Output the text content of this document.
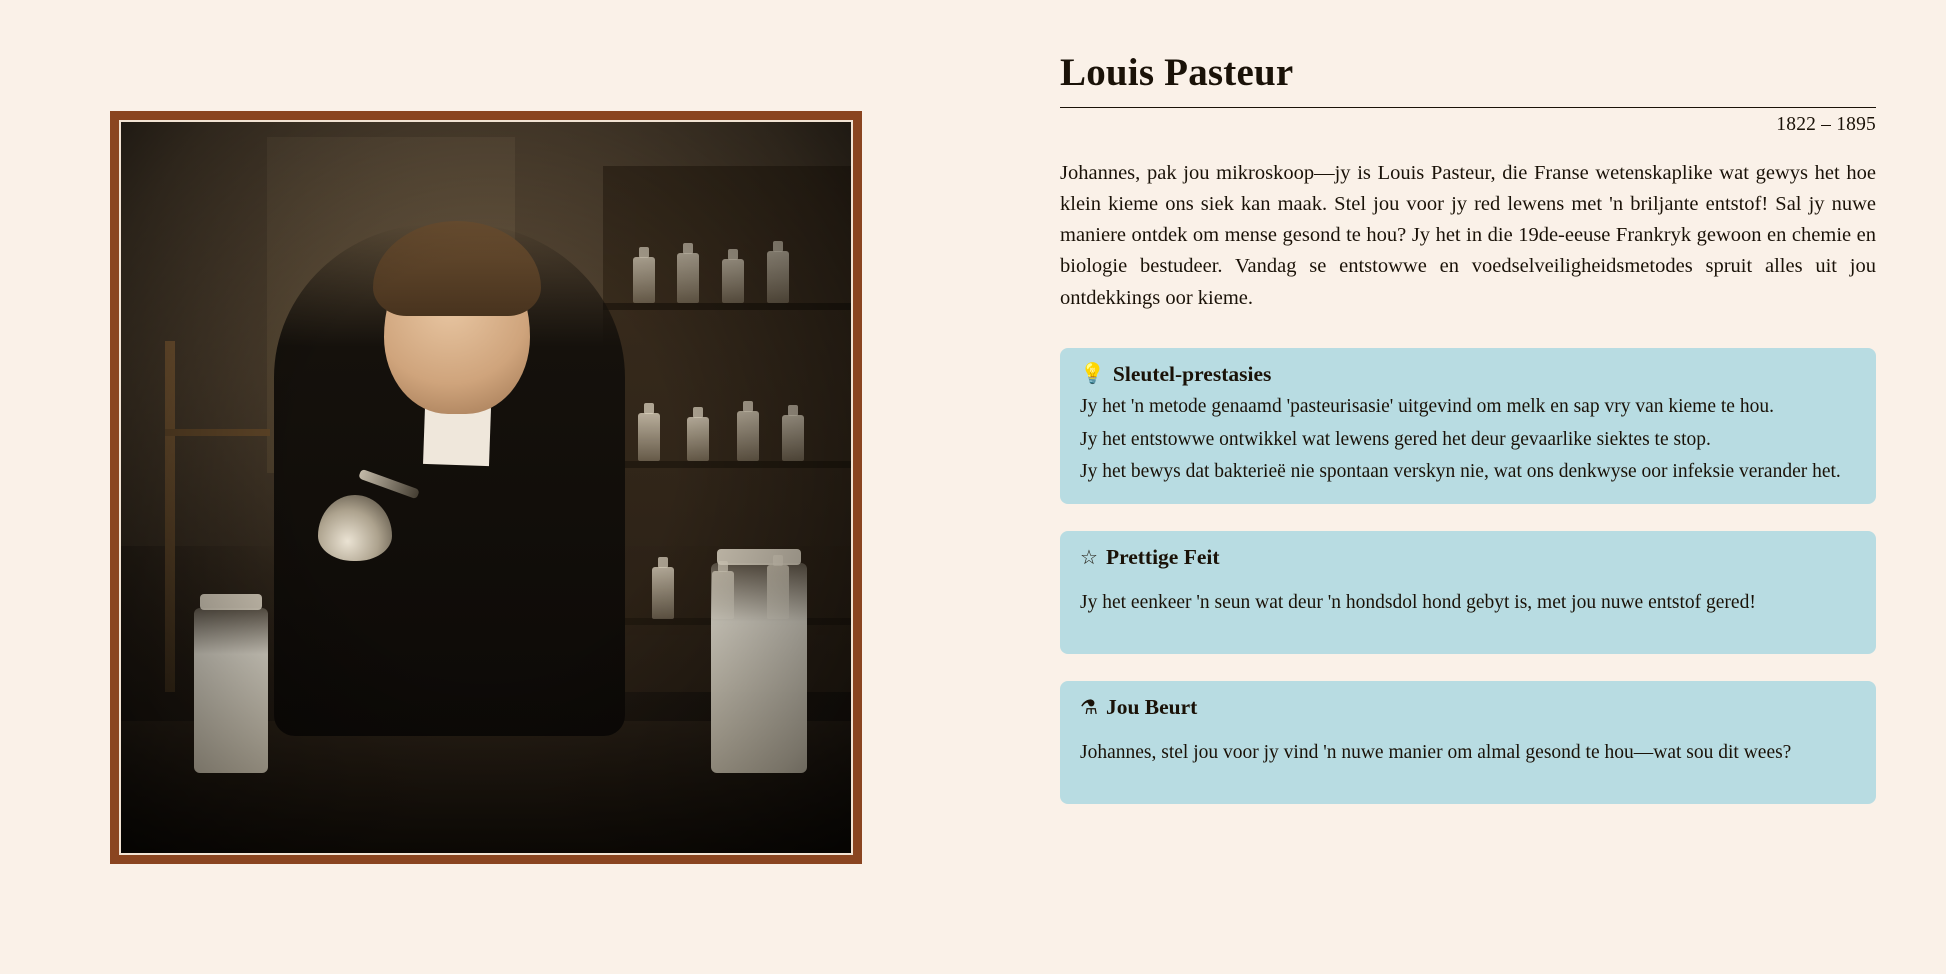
Louis Pasteur
1822 – 1895

Johannes, pak jou mikroskoop—jy is Louis Pasteur, die Franse wetenskaplike wat gewys het hoe klein kieme ons siek kan maak. Stel jou voor jy red lewens met 'n briljante entstof! Sal jy nuwe maniere ontdek om mense gesond te hou? Jy het in die 19de-eeuse Frankryk gewoon en chemie en biologie bestudeer. Vandag se entstowwe en voedselveiligheidsmetodes spruit alles uit jou ontdekkings oor kieme.

💡 Sleutel-prestasies

Jy het 'n metode genaamd 'pasteurisasie' uitgevind om melk en sap vry van kieme te hou.

Jy het entstowwe ontwikkel wat lewens gered het deur gevaarlike siektes te stop.

Jy het bewys dat bakterieë nie spontaan verskyn nie, wat ons denkwyse oor infeksie verander het.

☆ Prettige Feit

Jy het eenkeer 'n seun wat deur 'n hondsdol hond gebyt is, met jou nuwe entstof gered!

⚗ Jou Beurt

Johannes, stel jou voor jy vind 'n nuwe manier om almal gesond te hou—wat sou dit wees?
